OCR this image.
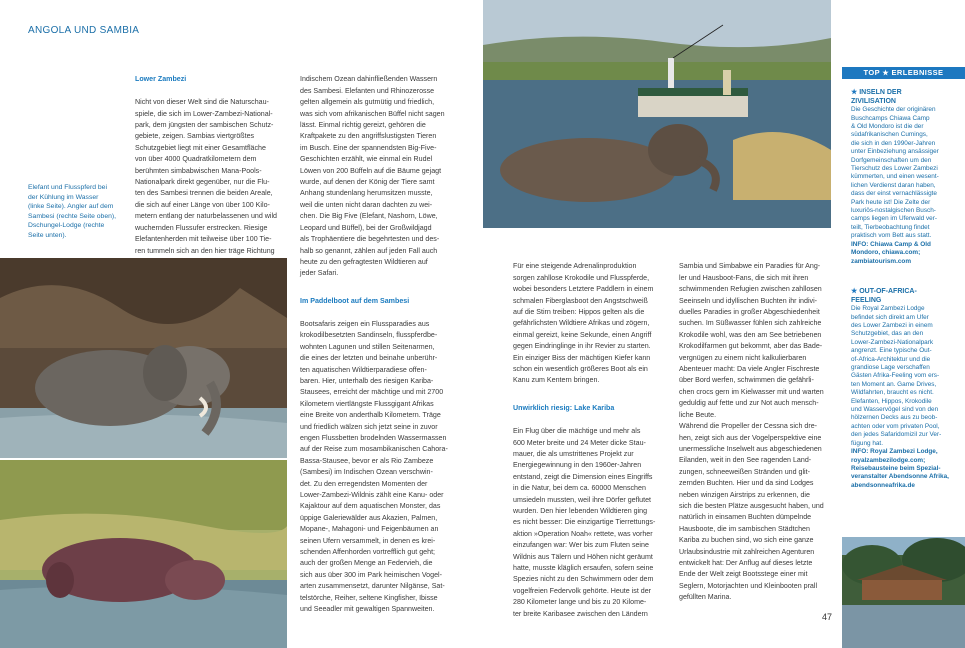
ANGOLA UND SAMBIA
Elefant und Flusspferd bei
der Kühlung im Wasser
(linke Seite). Angler auf dem
Sambesi (rechte Seite oben),
Dschungel-Lodge (rechte
Seite unten).

Lower Zambezi

Nicht von dieser Welt sind die Naturschau-
spiele, die sich im Lower-Zambezi-National-
park, dem jüngsten der sambischen Schutz-
gebiete, zeigen. Sambias viertgrößtes
Schutzgebiet liegt mit einer Gesamtfläche
von über 4000 Quadratkilometern dem
berühmten simbabwischen Mana-Pools-
Nationalpark direkt gegenüber, nur die Flu-
ten des Sambesi trennen die beiden Areale,
die sich auf einer Länge von über 100 Kilo-
metern entlang der naturbelassenen und wild
wuchernden Flussufer erstrecken. Riesige
Elefantenherden mit teilweise über 100 Tie-
ren tummeln sich an den hier träge Richtung

Indischem Ozean dahinfließenden Wassern
des Sambesi. Elefanten und Rhinozerosse
gelten allgemein als gutmütig und friedlich,
was sich vom afrikanischen Büffel nicht sagen
lässt. Einmal richtig gereizt, gehören die
Kraftpakete zu den angriffslustigsten Tieren
im Busch. Eine der spannendsten Big-Five-
Geschichten erzählt, wie einmal ein Rudel
Löwen von 200 Büffeln auf die Bäume gejagt
wurde, auf denen der König der Tiere samt
Anhang stundenlang herumsitzen musste,
weil die unten nicht daran dachten zu wei-
chen. Die Big Five (Elefant, Nashorn, Löwe,
Leopard und Büffel), bei der Großwildjagd
als Trophäentiere die begehrtesten und des-
halb so genannt, zählen auf jeden Fall auch
heute zu den gefragtesten Wildtieren auf
jeder Safari.

Im Paddelboot auf dem Sambesi

Bootsafaris zeigen ein Flussparadies aus
krokodilbesetzten Sandinseln, flusspferdbe-
wohnten Lagunen und stillen Seitenarmen,
die eines der letzten und beinahe unberühr-
ten aquatischen Wildtierparadiese offen-
baren. Hier, unterhalb des riesigen Kariba-
Stausees, erreicht der mächtige und mit 2700
Kilometern viertlängste Flussgigant Afrikas
eine Breite von anderthalb Kilometern. Träge
und friedlich wälzen sich jetzt seine in zuvor
engen Flussbetten brodelnden Wassermassen
auf der Reise zum mosambikanischen Cahora-
Bassa-Stausee, bevor er als Rio Zambeze
(Sambesi) im Indischen Ozean verschwin-
det. Zu den erregendsten Momenten der
Lower-Zambezi-Wildnis zählt eine Kanu- oder
Kajaktour auf dem aquatischen Monster, das
üppige Galeriewälder aus Akazien, Palmen,
Mopane-, Mahagoni- und Feigenbäumen an
seinen Ufern versammelt, in denen es krei-
schenden Affenhorden vortrefflich gut geht;
auch der großen Menge an Federvieh, die
sich aus über 300 im Park heimischen Vogel-
arten zusammensetzt, darunter Nilgänse, Sat-
telstörche, Reiher, seltene Kingfisher, Ibisse
und Seeadler mit gewaltigen Spannweiten.

Für eine steigende Adrenalinproduktion
sorgen zahllose Krokodile und Flusspferde,
wobei besonders Letztere Paddlern in einem
schmalen Fiberglasboot den Angstschweiß
auf die Stirn treiben: Hippos gelten als die
gefährlichsten Wildtiere Afrikas und zögern,
einmal gereizt, keine Sekunde, einen Angriff
gegen Eindringlinge in ihr Revier zu starten.
Ein einziger Biss der mächtigen Kiefer kann
schon ein wesentlich größeres Boot als ein
Kanu zum Kentern bringen.

Unwirklich riesig: Lake Kariba

Ein Flug über die mächtige und mehr als
600 Meter breite und 24 Meter dicke Stau-
mauer, die als umstrittenes Projekt zur
Energiegewinnung in den 1960er-Jahren
entstand, zeigt die Dimension eines Eingriffs
in die Natur, bei dem ca. 60000 Menschen
umsiedeln mussten, weil ihre Dörfer geflutet
wurden. Den hier lebenden Wildtieren ging
es nicht besser: Die einzigartige Tierrettungs-
aktion »Operation Noah« rettete, was vorher
einzufangen war: Wer bis zum Fluten seine
Wildnis aus Tälern und Höhen nicht geräumt
hatte, musste kläglich ersaufen, sofern seine
Spezies nicht zu den Schwimmern oder dem
vogelfreien Federvolk gehörte. Heute ist der
280 Kilometer lange und bis zu 20 Kilome-
ter breite Karibasee zwischen den Ländern

Sambia und Simbabwe ein Paradies für Ang-
ler und Hausboot-Fans, die sich mit ihren
schwimmenden Refugien zwischen zahllosen
Seeinseln und idyllischen Buchten ihr indivi-
duelles Paradies in großer Abgeschiedenheit
suchen. Im Süßwasser fühlen sich zahlreiche
Krokodile wohl, was den am See betriebenen
Krokodilfarmen gut bekommt, aber das Bade-
vergnügen zu einem nicht kalkulierbaren
Abenteuer macht: Da viele Angler Fischreste
über Bord werfen, schwimmen die gefährli-
chen crocs gern im Kielwasser mit und warten
geduldig auf fette und zur Not auch mensch-
liche Beute.
Während die Propeller der Cessna sich dre-
hen, zeigt sich aus der Vogelperspektive eine
unermessliche Inselwelt aus abgeschiedenen
Eilanden, weit in den See ragenden Land-
zungen, schneeweißen Stränden und glit-
zernden Buchten. Hier und da sind Lodges
neben winzigen Airstrips zu erkennen, die
sich die besten Plätze ausgesucht haben, und
natürlich in einsamen Buchten dümpelnde
Hausboote, die im sambischen Städtchen
Kariba zu buchen sind, wo sich eine ganze
Urlaubsindustrie mit zahlreichen Agenturen
entwickelt hat: Der Anflug auf dieses letzte
Ende der Welt zeigt Bootsstege einer mit
Seglern, Motorjachten und Kleinbooten prall
gefüllten Marina.

TOP ★ ERLEBNISSE
★ INSELN DER
ZIVILISATION
Die Geschichte der originären
Buschcamps Chiawa Camp
& Old Mondoro ist die der
südafrikanischen Cumings,
die sich in den 1990er-Jahren
unter Einbeziehung ansässiger
Dorfgemeinschaften um den
Tierschutz des Lower Zambezi
kümmerten, und einen wesent-
lichen Verdienst daran haben,
dass der einst vernachlässigte
Park heute ist! Die Zelte der
luxuriös-nostalgischen Busch-
camps liegen im Uferwald ver-
teilt, Tierbeobachtung findet
praktisch vom Bett aus statt.
INFO: Chiawa Camp & Old
Mondoro, chiawa.com;
zambiatourism.com
★ OUT-OF-AFRICA-
FEELING
Die Royal Zambezi Lodge
befindet sich direkt am Ufer
des Lower Zambezi in einem
Schutzgebiet, das an den
Lower-Zambezi-Nationalpark
angrenzt. Eine typische Out-
of-Africa-Architektur und die
grandiose Lage verschaffen
Gästen Afrika-Feeling vom ers-
ten Moment an. Game Drives,
Wildfahrten, braucht es nicht.
Elefanten, Hippos, Krokodile
und Wasservögel sind von den
hölzernen Decks aus zu beob-
achten oder vom privaten Pool,
den jedes Safaridomizil zur Ver-
fügung hat.
INFO: Royal Zambezi Lodge,
royalzambezilodge.com;
Reisebausteine beim Spezial-
veranstalter Abendsonne Afrika,
abendsonneafrika.de
47
